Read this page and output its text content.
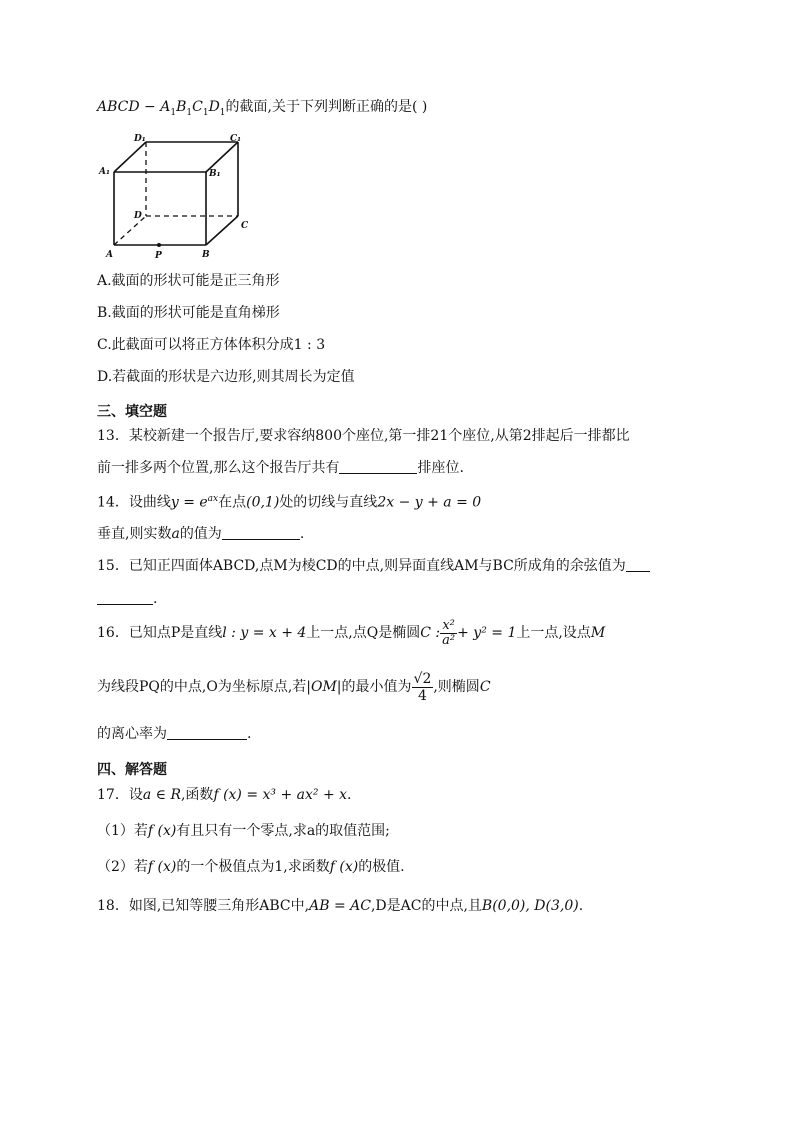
ABCD − $A_1B_1C_1D_1$的截面,关于下列判断正确的是( )
D₁	C₁
A₁	B₁
D
C
A	B
P
A.截面的形状可能是正三角形
B.截面的形状可能是直角梯形
C.此截面可以将正方体体积分成1 : 3
D.若截面的形状是六边形,则其周长为定值
三、填空题
13．某校新建一个报告厅,要求容纳800个座位,第一排21个座位,从第2排起后一排都比
前一排多两个位置,那么这个报告厅共有	排座位.
14．设曲线$y = e^{ax}$在点(0,1)处的切线与直线2x − y + a = 0
垂直,则实数a的值为	.
15．已知正四面体ABCD,点M为棱CD的中点,则异面直线AM与BC所成角的余弦值为
.
16．已知点P是直线l : y = x + 4上一点,点Q是椭圆C : $\frac{\text{x²}}{\text{a²}} + y^2 = 1$上一点,设点M
为线段PQ的中点,O为坐标原点,若|OM|的最小值为 $\frac{√2}{4}$ ,则椭圆C
的离心率为	.
四、解答题
17．设a ∈ R,函数f (x) = x³ + ax² + x.
（1）若f (x)有且只有一个零点,求a的取值范围;
（2）若f (x)的一个极值点为1,求函数f (x)的极值.
18．如图,已知等腰三角形ABC中,AB = AC,D是AC的中点,且B(0,0), D(3,0).
